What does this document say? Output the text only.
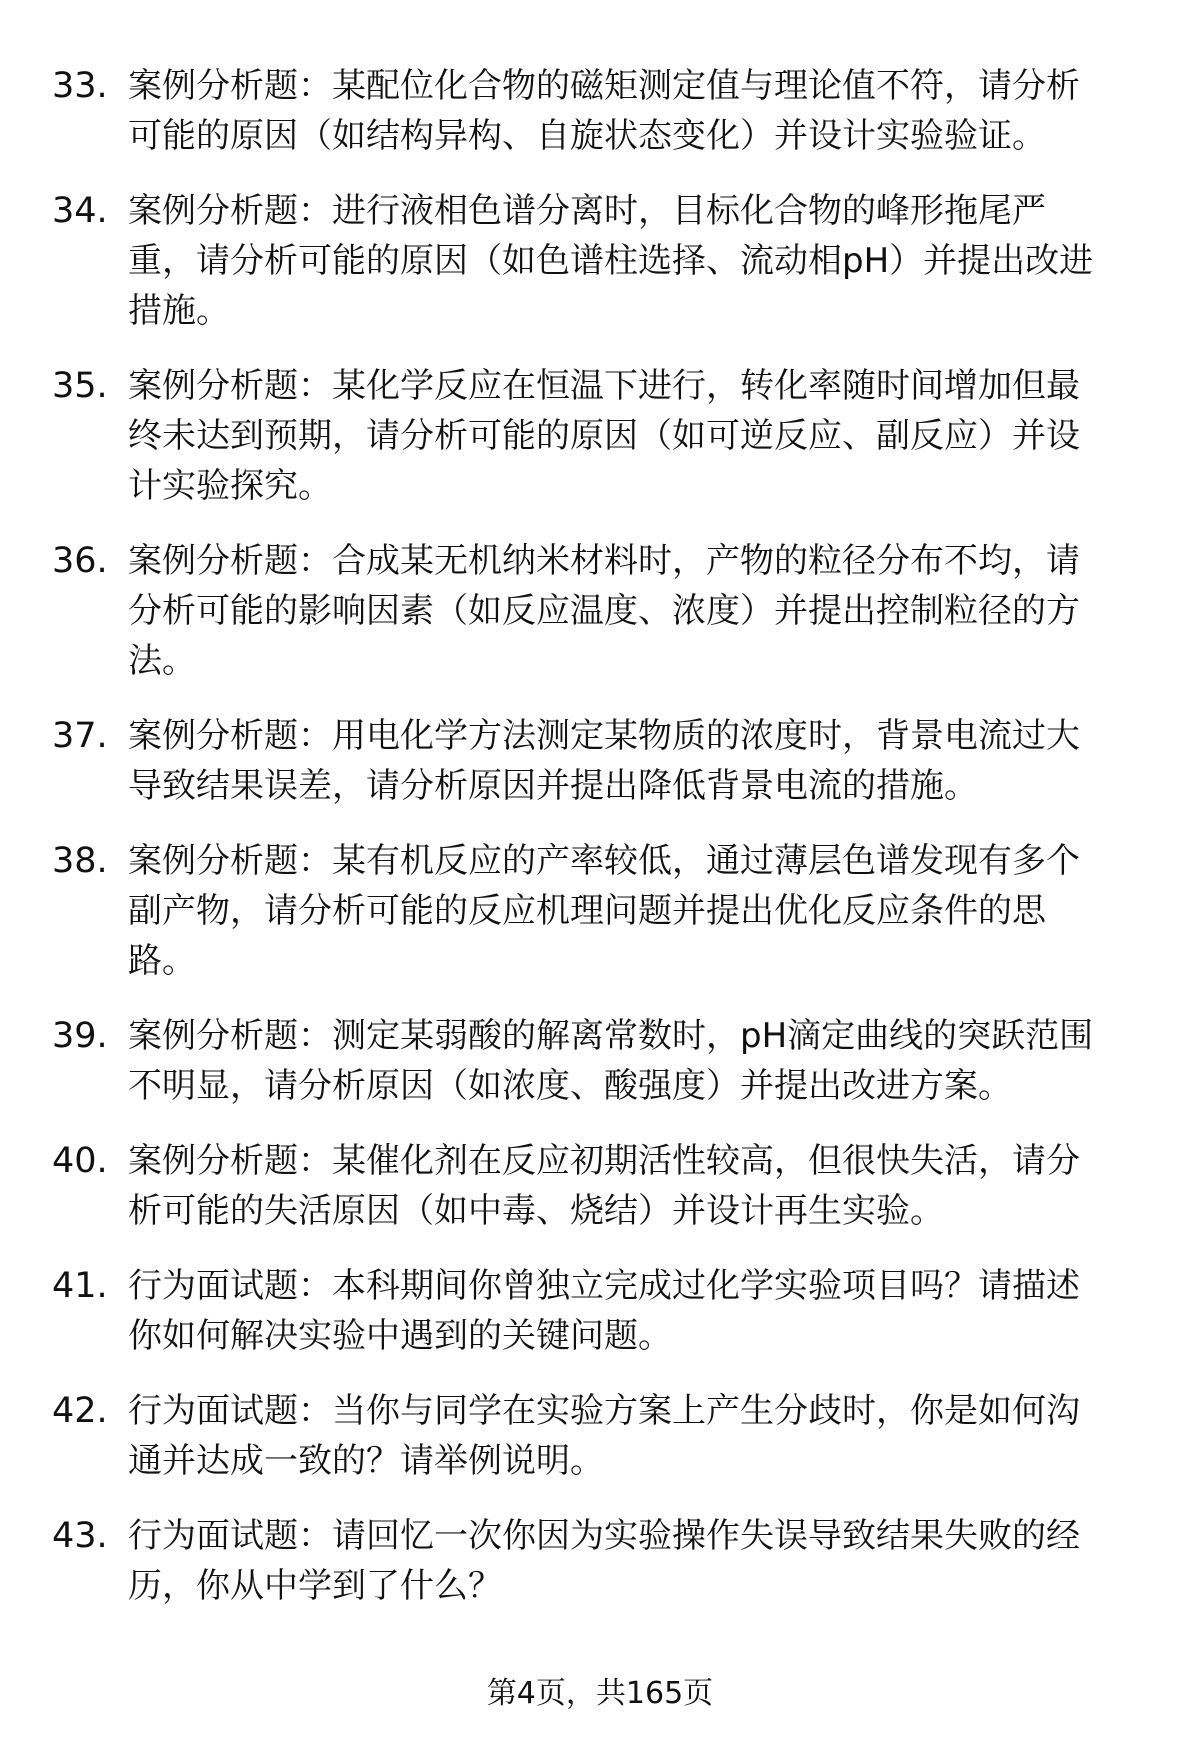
33. 案例分析题：某配位化合物的磁矩测定值与理论值不符，请分析
可能的原因（如结构异构、自旋状态变化）并设计实验验证。
34. 案例分析题：进行液相色谱分离时，目标化合物的峰形拖尾严
重，请分析可能的原因（如色谱柱选择、流动相pH）并提出改进
措施。
35. 案例分析题：某化学反应在恒温下进行，转化率随时间增加但最
终未达到预期，请分析可能的原因（如可逆反应、副反应）并设
计实验探究。
36. 案例分析题：合成某无机纳米材料时，产物的粒径分布不均，请
分析可能的影响因素（如反应温度、浓度）并提出控制粒径的方
法。
37. 案例分析题：用电化学方法测定某物质的浓度时，背景电流过大
导致结果误差，请分析原因并提出降低背景电流的措施。
38. 案例分析题：某有机反应的产率较低，通过薄层色谱发现有多个
副产物，请分析可能的反应机理问题并提出优化反应条件的思
路。
39. 案例分析题：测定某弱酸的解离常数时，pH滴定曲线的突跃范围
不明显，请分析原因（如浓度、酸强度）并提出改进方案。
40. 案例分析题：某催化剂在反应初期活性较高，但很快失活，请分
析可能的失活原因（如中毒、烧结）并设计再生实验。
41. 行为面试题：本科期间你曾独立完成过化学实验项目吗？请描述
你如何解决实验中遇到的关键问题。
42. 行为面试题：当你与同学在实验方案上产生分歧时，你是如何沟
通并达成一致的？请举例说明。
43. 行为面试题：请回忆一次你因为实验操作失误导致结果失败的经
历，你从中学到了什么？
第4页，共165页
